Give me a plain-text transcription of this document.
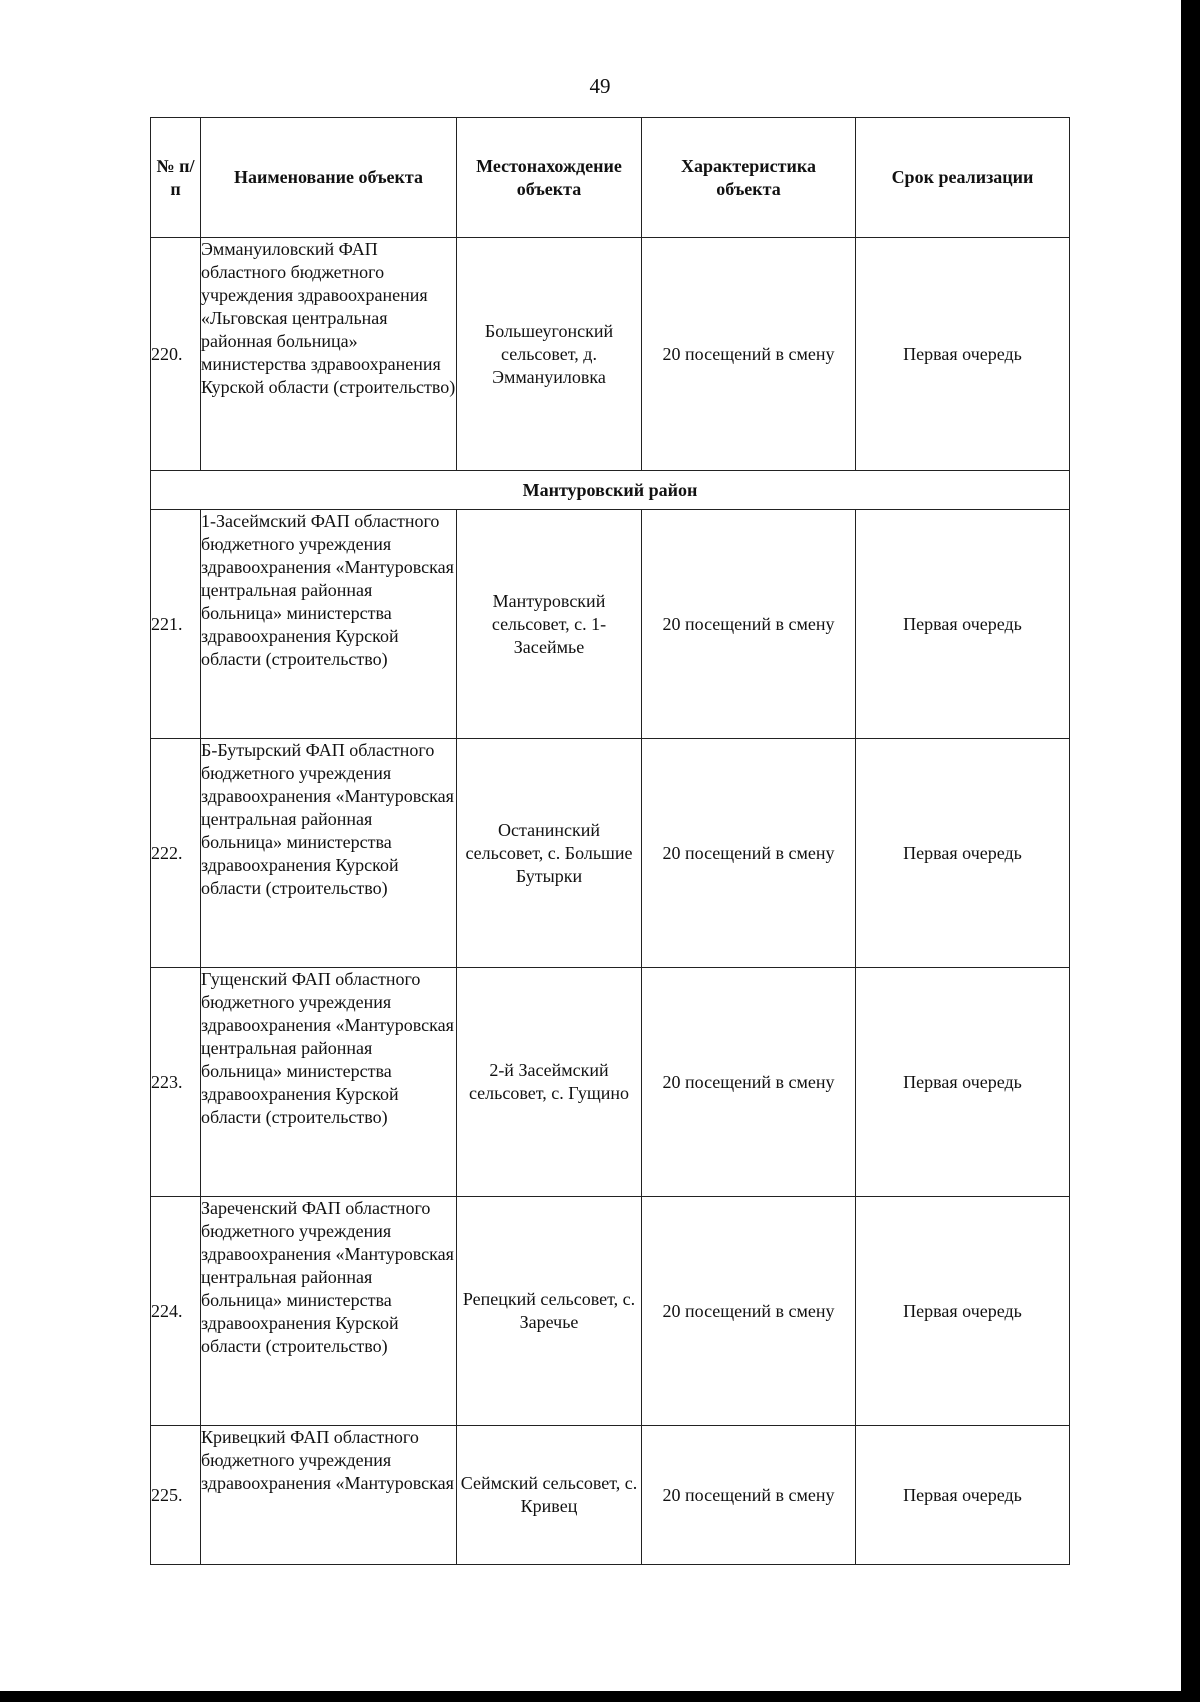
49
№ п/п	Наименование объекта	Местонахождение объекта	Характеристика объекта	Срок реализации
220.	Эммануиловский ФАП областного бюджетного учреждения здравоохранения «Льговская центральная районная больница» министерства здравоохранения Курской области (строительство)	Большеугонский сельсовет, д. Эммануиловка	20 посещений в смену	Первая очередь
Мантуровский район				
221.	1-Засеймский ФАП областного бюджетного учреждения здравоохранения «Мантуровская центральная районная больница» министерства здравоохранения Курской области (строительство)	Мантуровский сельсовет, с. 1-Засеймье	20 посещений в смену	Первая очередь
222.	Б-Бутырский ФАП областного бюджетного учреждения здравоохранения «Мантуровская центральная районная больница» министерства здравоохранения Курской области (строительство)	Останинский сельсовет, с. Большие Бутырки	20 посещений в смену	Первая очередь
223.	Гущенский ФАП областного бюджетного учреждения здравоохранения «Мантуровская центральная районная больница» министерства здравоохранения Курской области (строительство)	2-й Засеймский сельсовет, с. Гущино	20 посещений в смену	Первая очередь
224.	Зареченский ФАП областного бюджетного учреждения здравоохранения «Мантуровская центральная районная больница» министерства здравоохранения Курской области (строительство)	Репецкий сельсовет, с. Заречье	20 посещений в смену	Первая очередь
225.	Кривецкий ФАП областного бюджетного учреждения здравоохранения «Мантуровская	Сеймский сельсовет, с. Кривец	20 посещений в смену	Первая очередь
